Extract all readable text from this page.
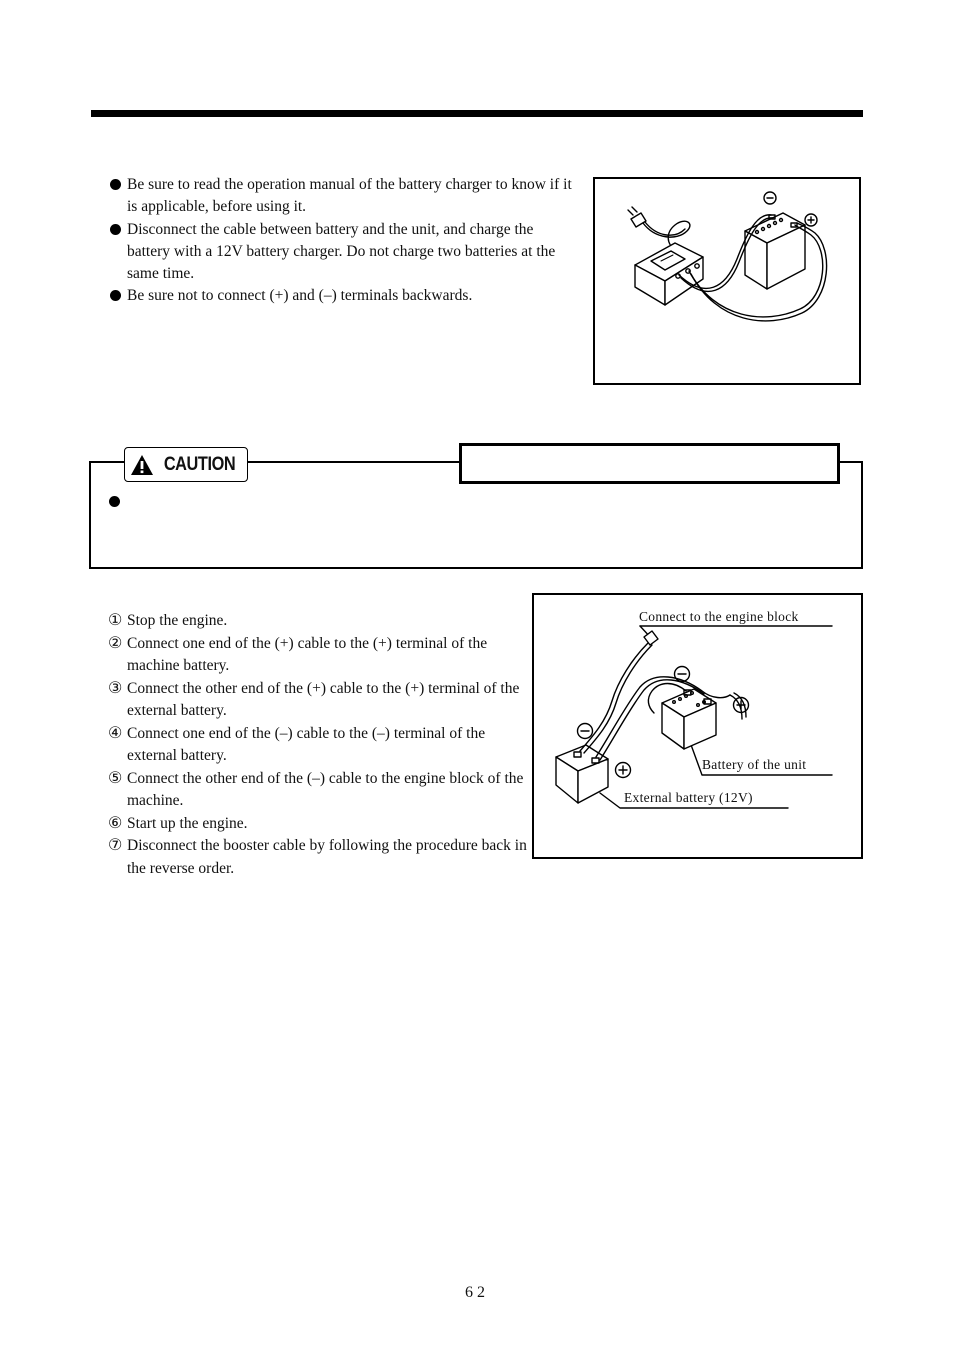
Be sure to read the operation manual of the battery charger to know if it is applicable, before using it.
Disconnect the cable between battery and the unit, and charge the battery with a 12V battery charger. Do not charge two batteries at the same time.
Be sure not to connect (+) and (–) terminals backwards.
CAUTION
① Stop the engine.
② Connect one end of the (+) cable to the (+) terminal of the machine battery.
③ Connect the other end of the (+) cable to the (+) terminal of the external battery.
④ Connect one end of the (–) cable to the (–) terminal of the external battery.
⑤ Connect the other end of the (–) cable to the engine block of the machine.
⑥ Start up the engine.
⑦ Disconnect the booster cable by following the procedure back in the reverse order.
Connect to the engine block
Battery of the unit
External battery (12V)
62
